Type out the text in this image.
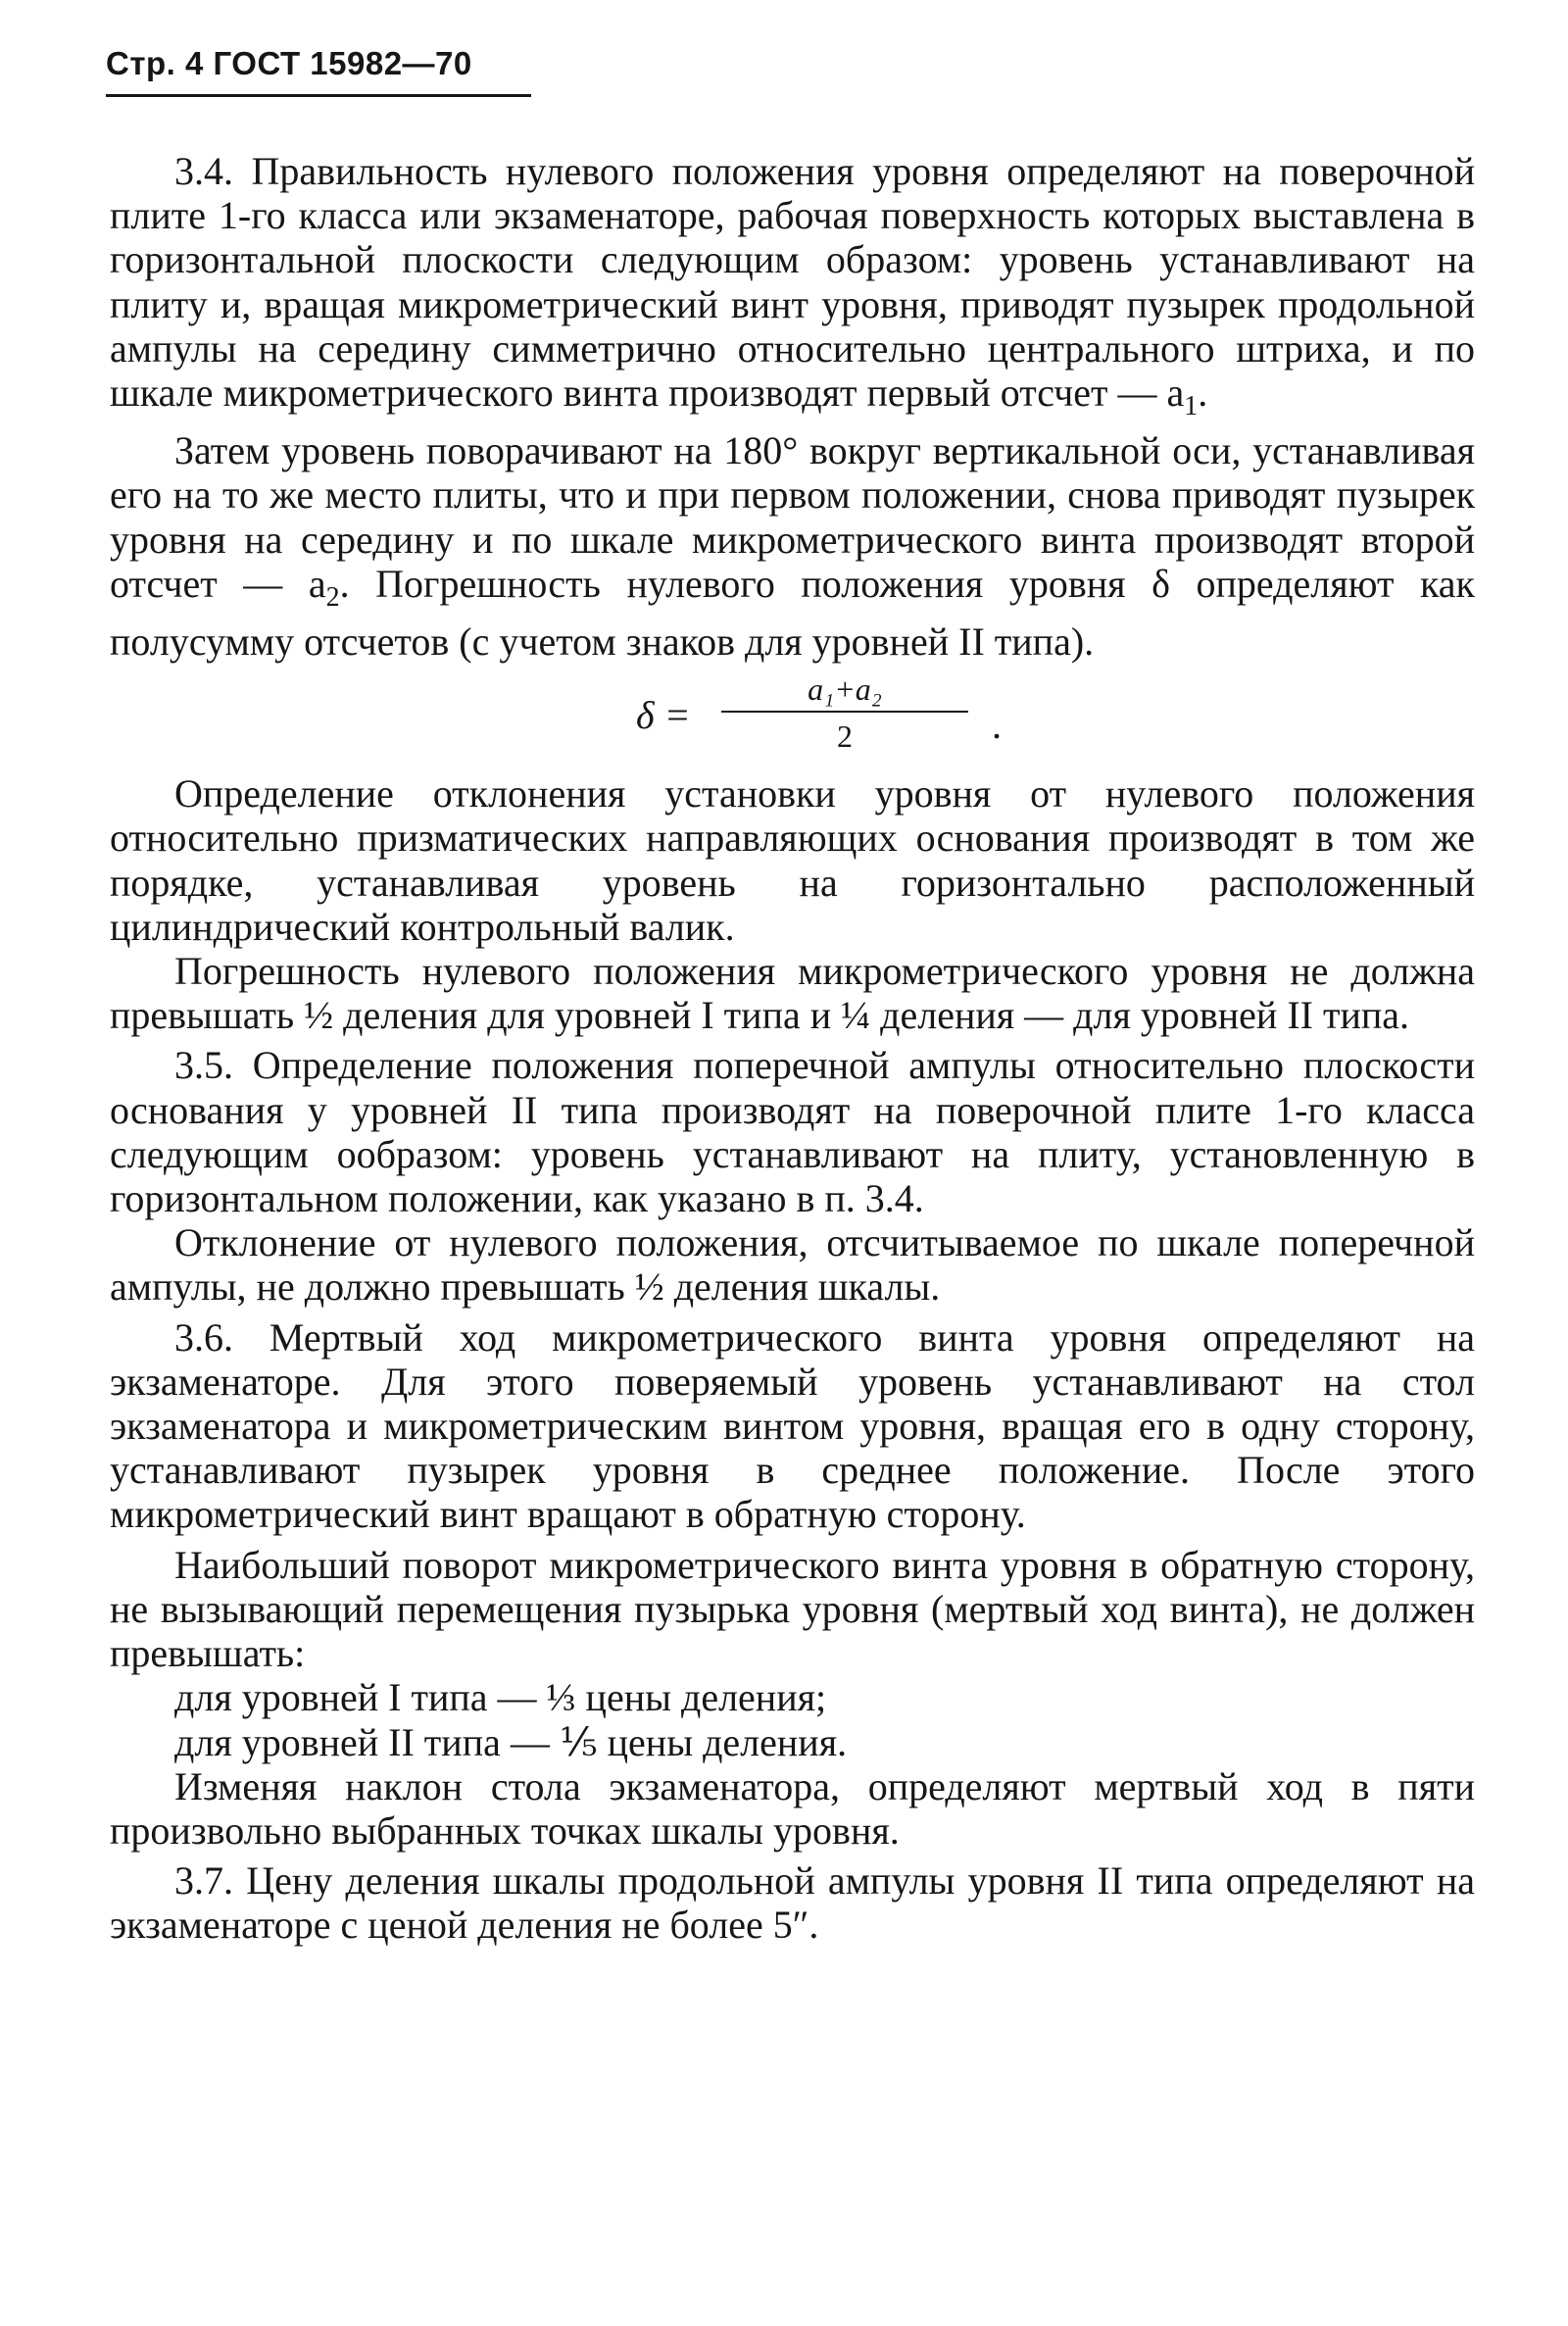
Стр. 4 ГОСТ 15982—70

3.4. Правильность нулевого положения уровня определяют на поверочной плите 1-го класса или экзаменаторе, рабочая поверхность которых выставлена в горизонтальной плоскости следующим образом: уровень устанавливают на плиту и, вращая микрометрический винт уровня, приводят пузырек продольной ампулы на середину симметрично относительно центрального штриха, и по шкале микрометрического винта производят первый отсчет — $a_1$.

Затем уровень поворачивают на 180° вокруг вертикальной оси, устанавливая его на то же место плиты, что и при первом положении, снова приводят пузырек уровня на середину и по шкале микрометрического винта производят второй отсчет — $a_2$. Погрешность нулевого положения уровня δ определяют как полусумму отсчетов (с учетом знаков для уровней II типа).

δ =
a₁+a₂
2	.

Определение отклонения установки уровня от нулевого положения относительно призматических направляющих основания производят в том же порядке, устанавливая уровень на горизонтально расположенный цилиндрический контрольный валик.

Погрешность нулевого положения микрометрического уровня не должна превышать ½ деления для уровней I типа и ¼ деления — для уровней II типа.

3.5. Определение положения поперечной ампулы относительно плоскости основания у уровней II типа производят на поверочной плите 1-го класса следующим ообразом: уровень устанавливают на плиту, установленную в горизонтальном положении, как указано в п. 3.4.

Отклонение от нулевого положения, отсчитываемое по шкале поперечной ампулы, не должно превышать ½ деления шкалы.

3.6. Мертвый ход микрометрического винта уровня определяют на экзаменаторе. Для этого поверяемый уровень устанавливают на стол экзаменатора и микрометрическим винтом уровня, вращая его в одну сторону, устанавливают пузырек уровня в среднее положение. После этого микрометрический винт вращают в обратную сторону.

Наибольший поворот микрометрического винта уровня в обратную сторону, не вызывающий перемещения пузырька уровня (мертвый ход винта), не должен превышать:

для уровней I типа — ⅓ цены деления;

для уровней II типа — ⅕ цены деления.

Изменяя наклон стола экзаменатора, определяют мертвый ход в пяти произвольно выбранных точках шкалы уровня.

3.7. Цену деления шкалы продольной ампулы уровня II типа определяют на экзаменаторе с ценой деления не более 5″.
